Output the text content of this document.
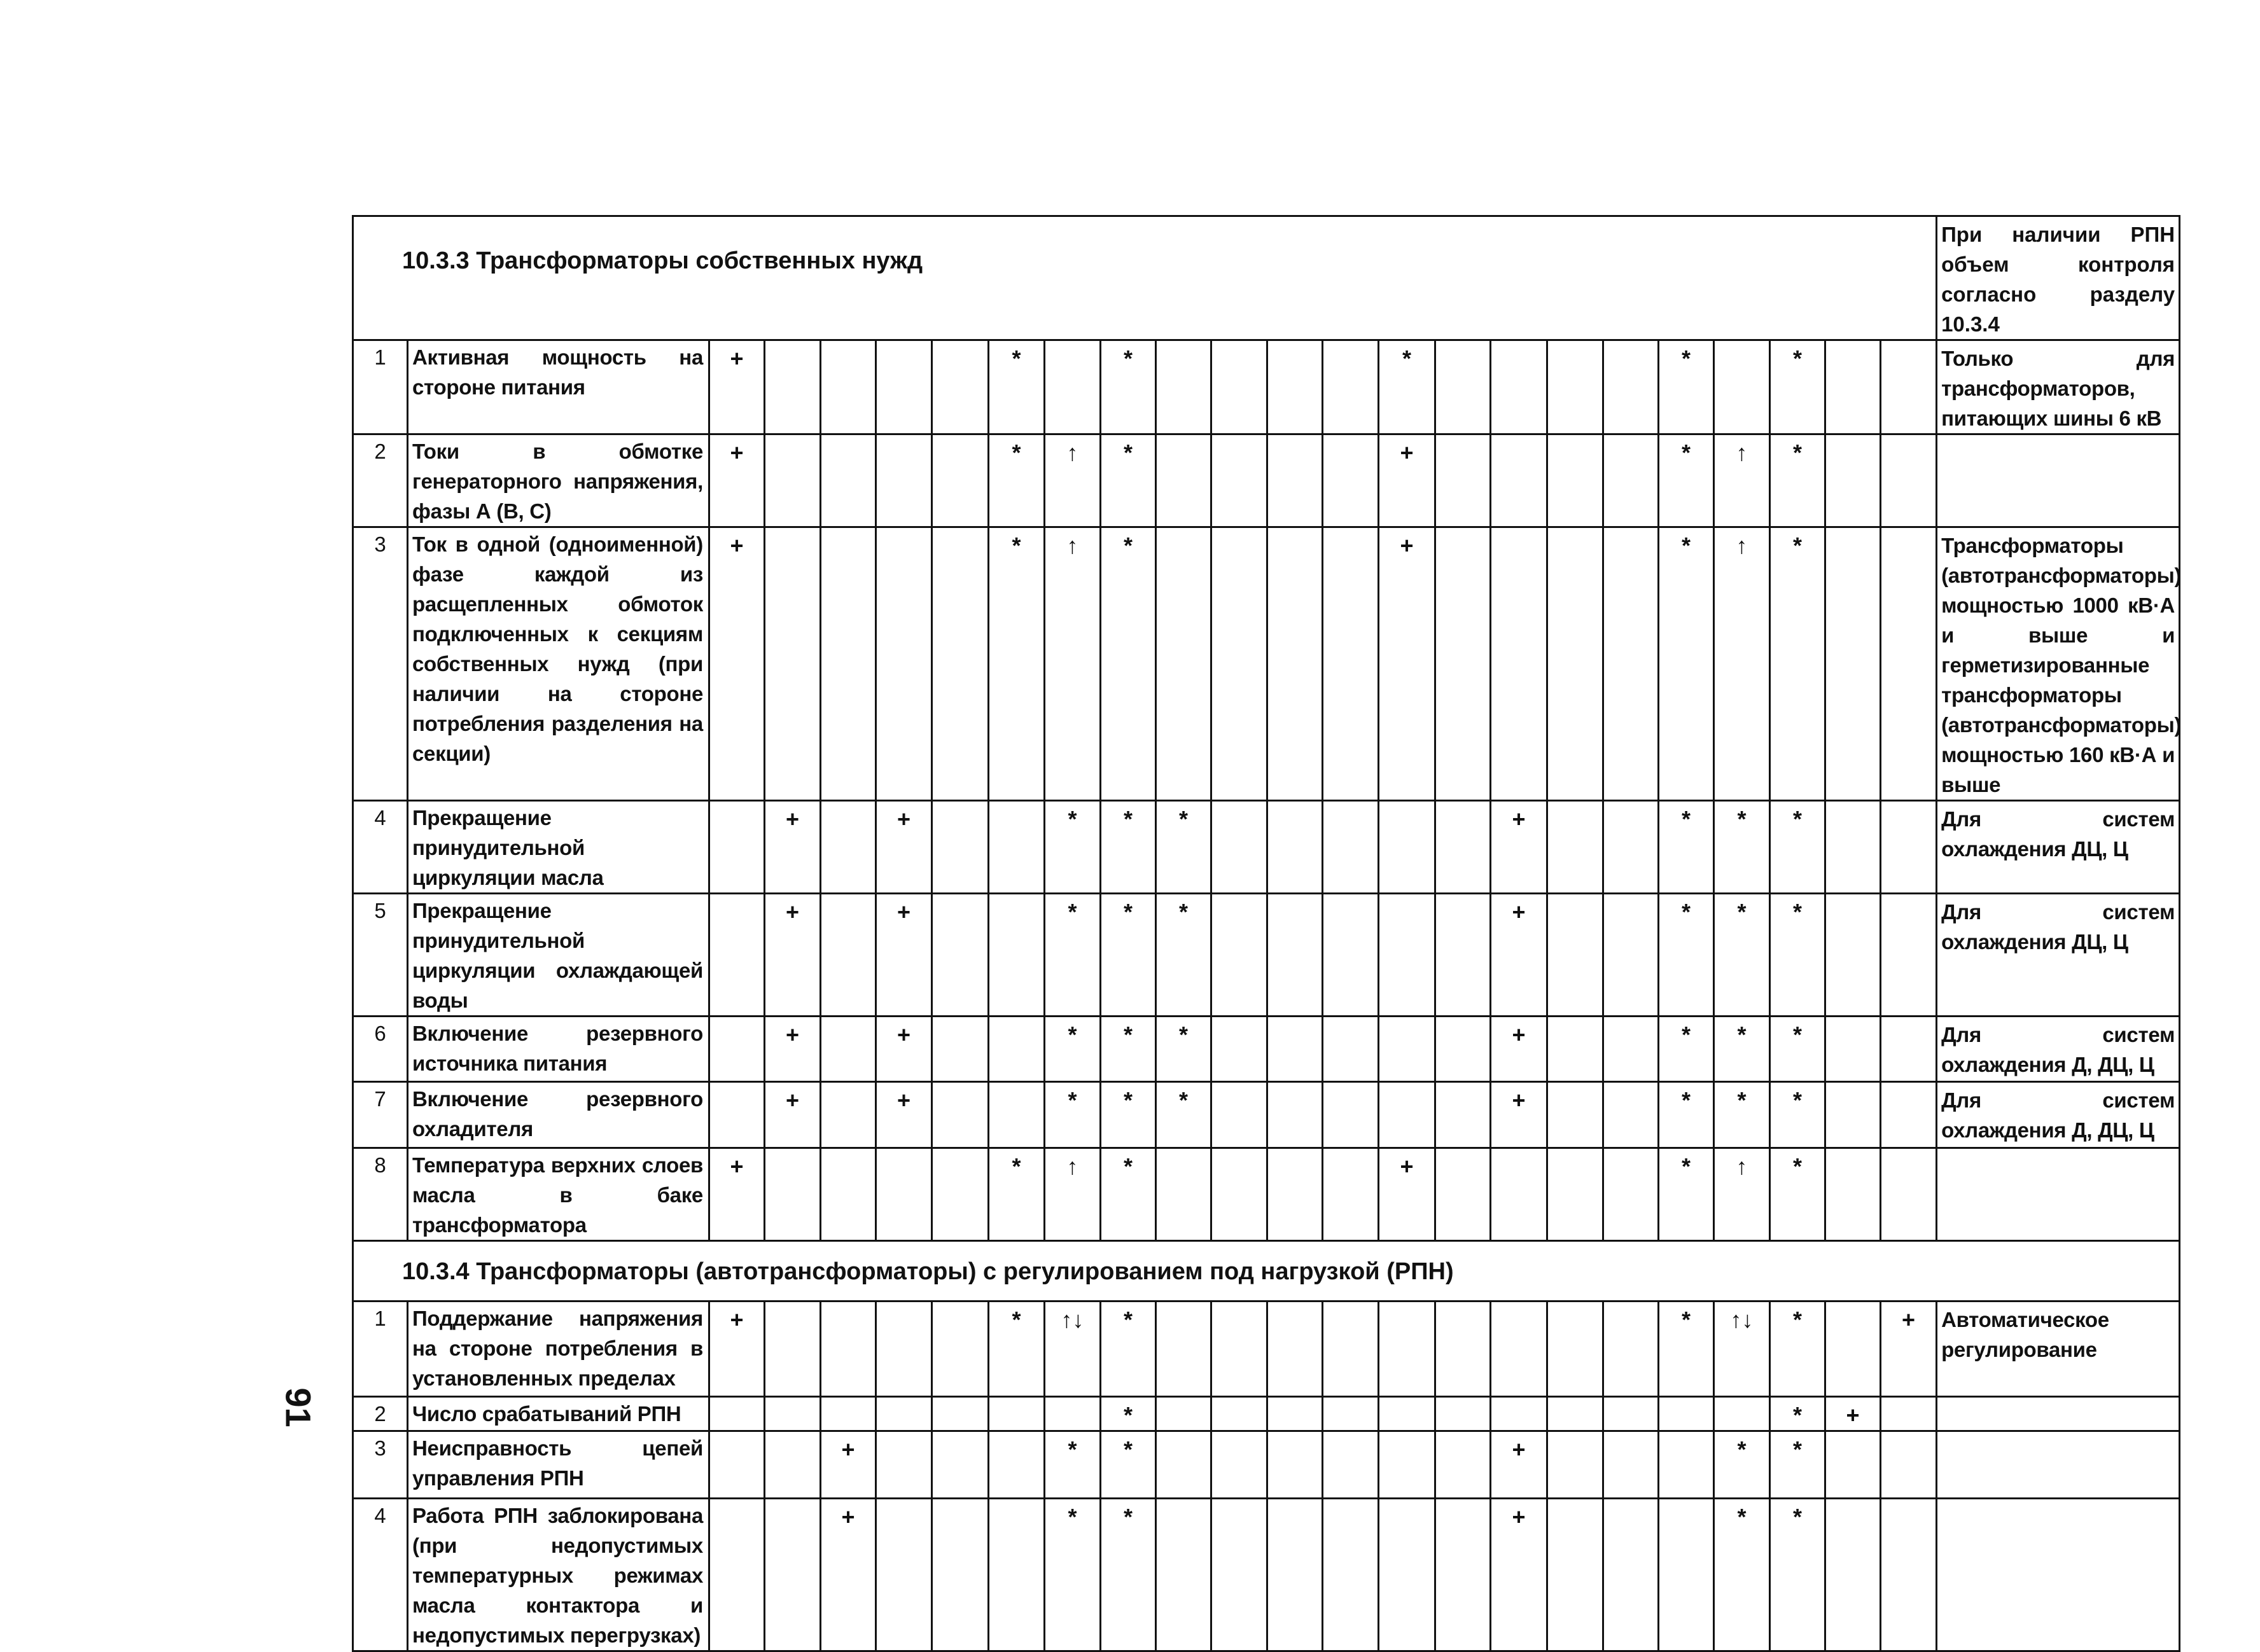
10.3.3 Трансформаторы собственных нужд																								При наличии РПН объем контроля согласно разделу 10.3.4
1	Активная мощность на стороне питания	+					*		*					*					*		*			Только для трансформаторов, питающих шины 6 кВ
2	Токи в обмотке генераторного напряжения, фазы А (В, С)	+					*	↑	*					+					*	↑	*			
3	Ток в одной (одноименной) фазе каждой из расщепленных обмоток подключенных к секциям собственных нужд (при наличии на стороне потребления разделения на секции)	+					*	↑	*					+					*	↑	*			Трансформаторы (автотрансформаторы) мощностью 1000 кВ·А и выше и герметизированные трансформаторы (автотрансформаторы) мощностью 160 кВ·А и выше
4	Прекращение принудительной циркуляции масла		+		+			*	*	*						+			*	*	*			Для систем охлаждения ДЦ, Ц
5	Прекращение принудительной циркуляции охлаждающей воды		+		+			*	*	*						+			*	*	*			Для систем охлаждения ДЦ, Ц
6	Включение резервного источника питания		+		+			*	*	*						+			*	*	*			Для систем охлаждения Д, ДЦ, Ц
7	Включение резервного охладителя		+		+			*	*	*						+			*	*	*			Для систем охлаждения Д, ДЦ, Ц
8	Температура верхних слоев масла в баке трансформатора	+					*	↑	*					+					*	↑	*			
10.3.4 Трансформаторы (автотрансформаторы) с регулированием под нагрузкой (РПН)																								
1	Поддержание напряжения на стороне потребления в установленных пределах	+					*	↑↓	*										*	↑↓	*		+	Автоматическое регулирование
2	Число срабатываний РПН								*												*	+		
3	Неисправность цепей управления РПН			+				*	*							+				*	*			
4	Работа РПН заблокирована (при недопустимых температурных режимах масла контактора и недопустимых перегрузках)			+				*	*							+				*	*			
91
